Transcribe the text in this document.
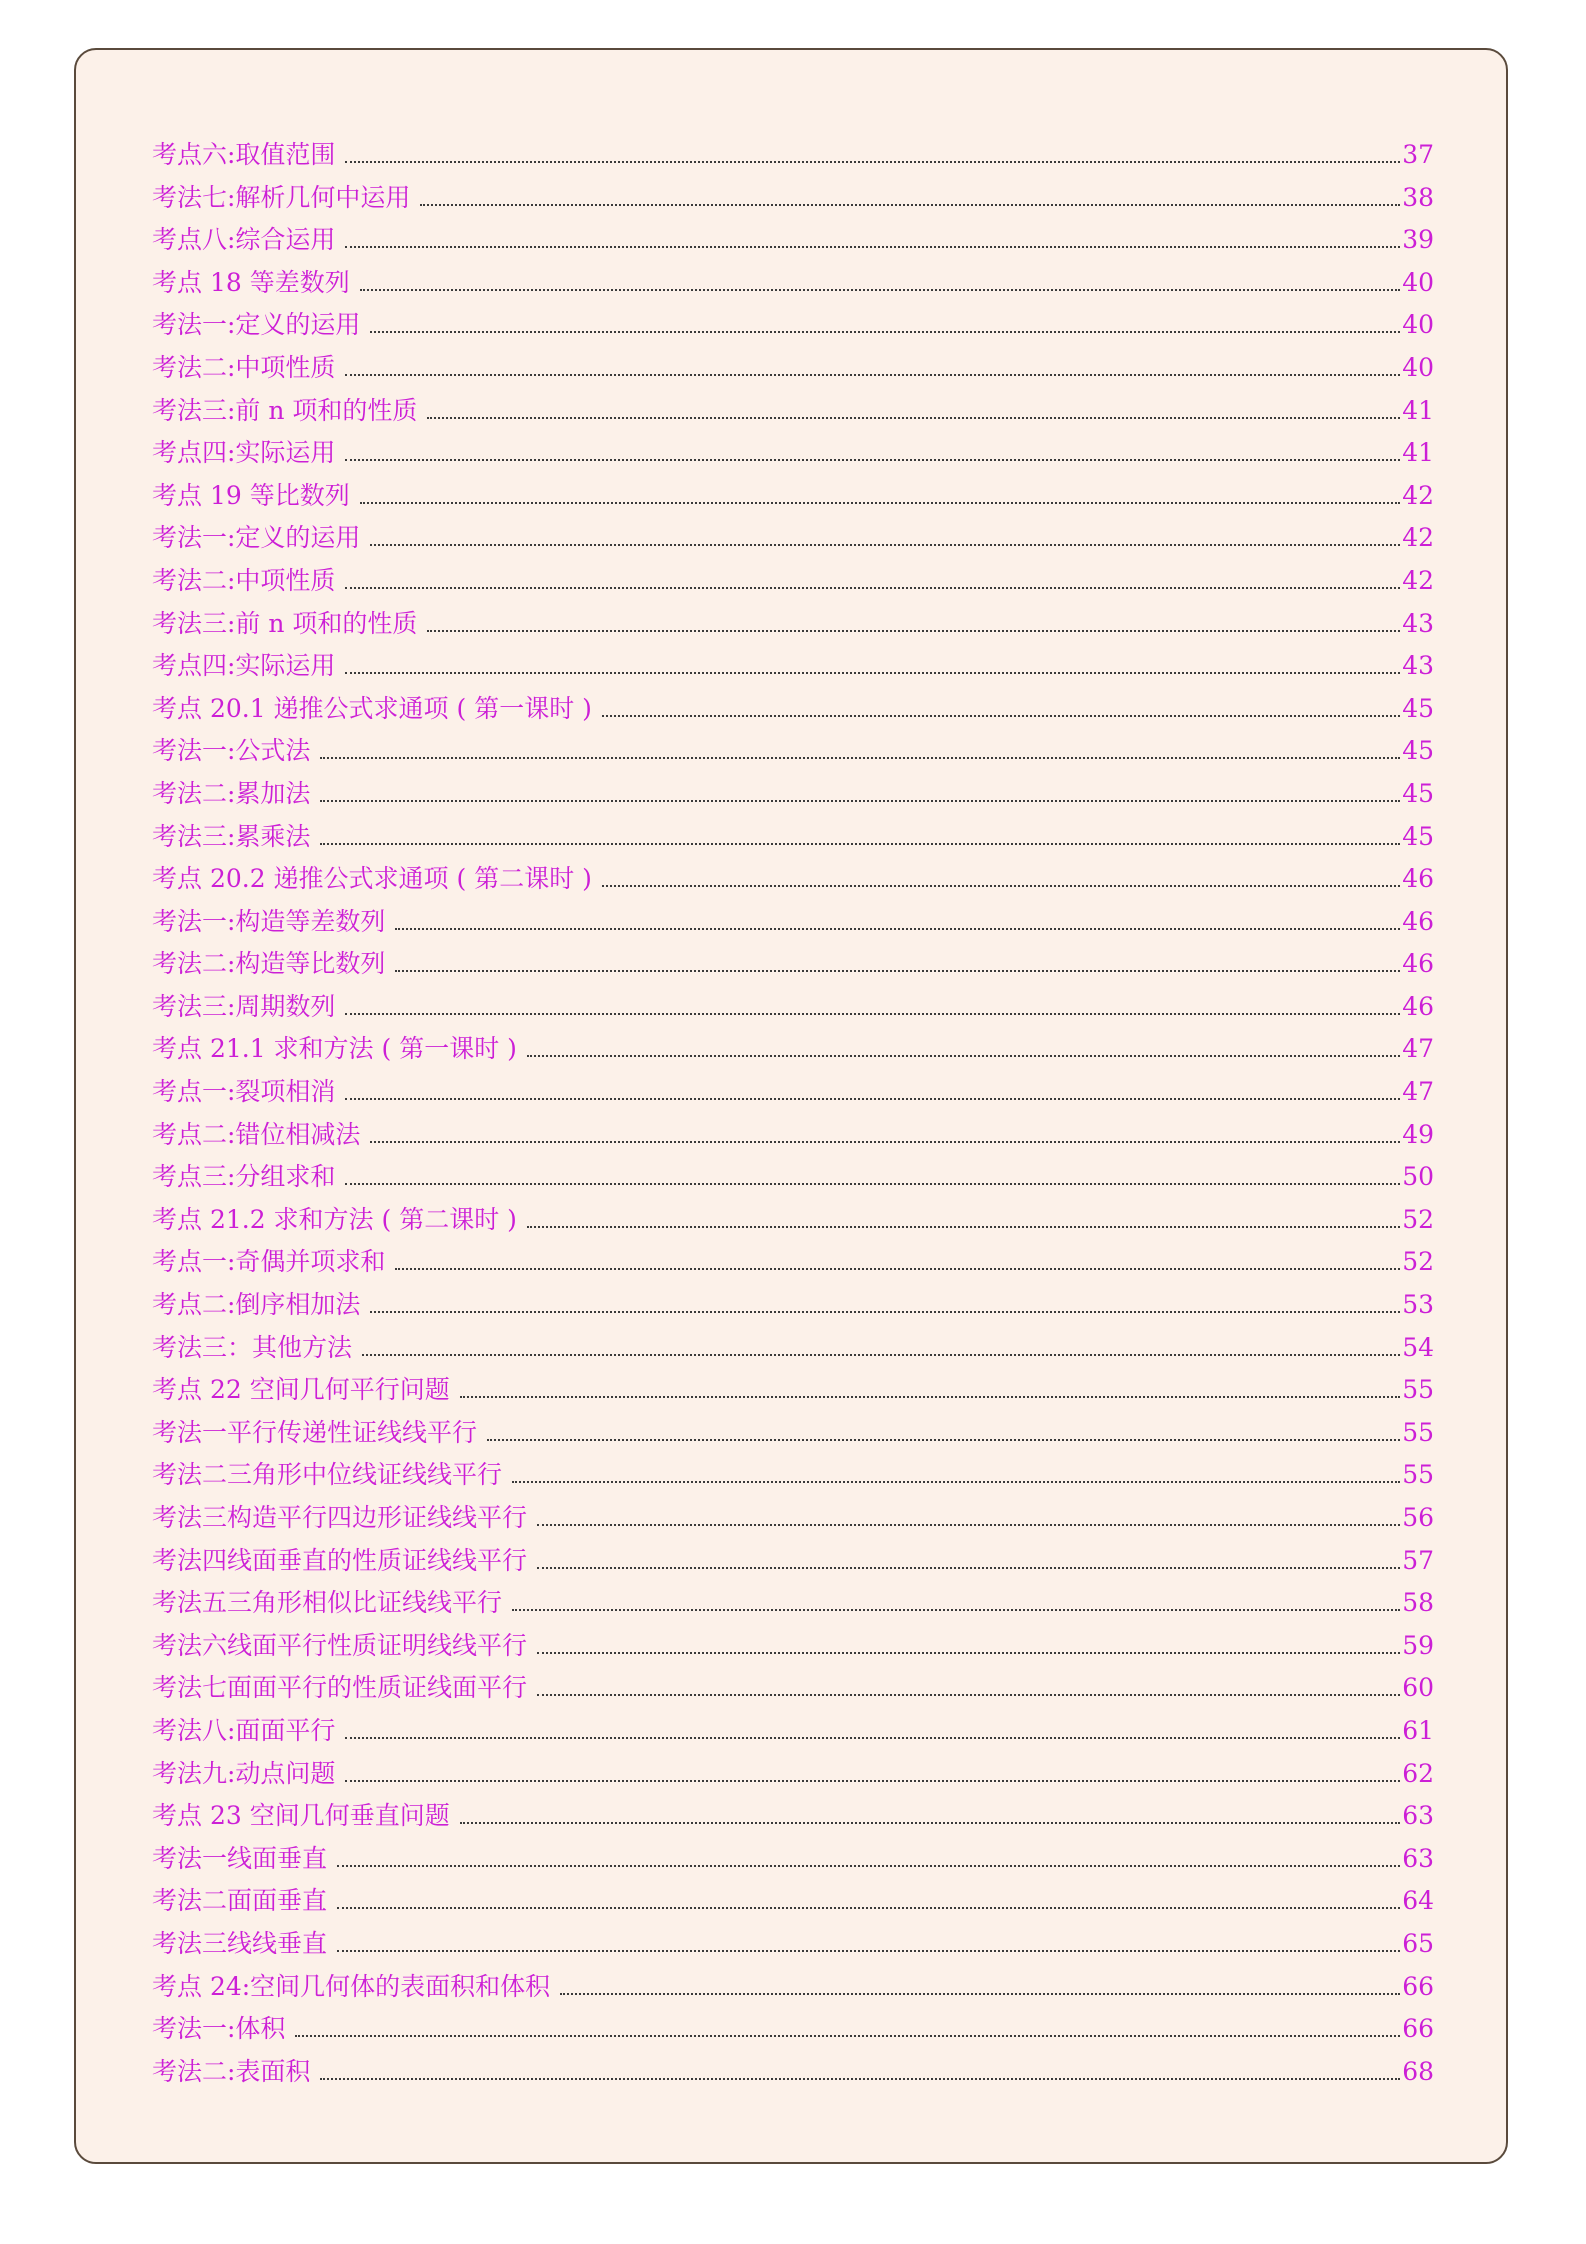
考点六:取值范围	37
考法七:解析几何中运用	38
考点八:综合运用	39
考点 18 等差数列	40
考法一:定义的运用	40
考法二:中项性质	40
考法三:前 n 项和的性质	41
考点四:实际运用	41
考点 19 等比数列	42
考法一:定义的运用	42
考法二:中项性质	42
考法三:前 n 项和的性质	43
考点四:实际运用	43
考点 20.1 递推公式求通项 ( 第一课时 )	45
考法一:公式法	45
考法二:累加法	45
考法三:累乘法	45
考点 20.2 递推公式求通项 ( 第二课时 )	46
考法一:构造等差数列	46
考法二:构造等比数列	46
考法三:周期数列	46
考点 21.1 求和方法 ( 第一课时 )	47
考点一:裂项相消	47
考点二:错位相减法	49
考点三:分组求和	50
考点 21.2 求和方法 ( 第二课时 )	52
考点一:奇偶并项求和	52
考点二:倒序相加法	53
考法三：其他方法	54
考点 22 空间几何平行问题	55
考法一平行传递性证线线平行	55
考法二三角形中位线证线线平行	55
考法三构造平行四边形证线线平行	56
考法四线面垂直的性质证线线平行	57
考法五三角形相似比证线线平行	58
考法六线面平行性质证明线线平行	59
考法七面面平行的性质证线面平行	60
考法八:面面平行	61
考法九:动点问题	62
考点 23 空间几何垂直问题	63
考法一线面垂直	63
考法二面面垂直	64
考法三线线垂直	65
考点 24:空间几何体的表面积和体积	66
考法一:体积	66
考法二:表面积	68
